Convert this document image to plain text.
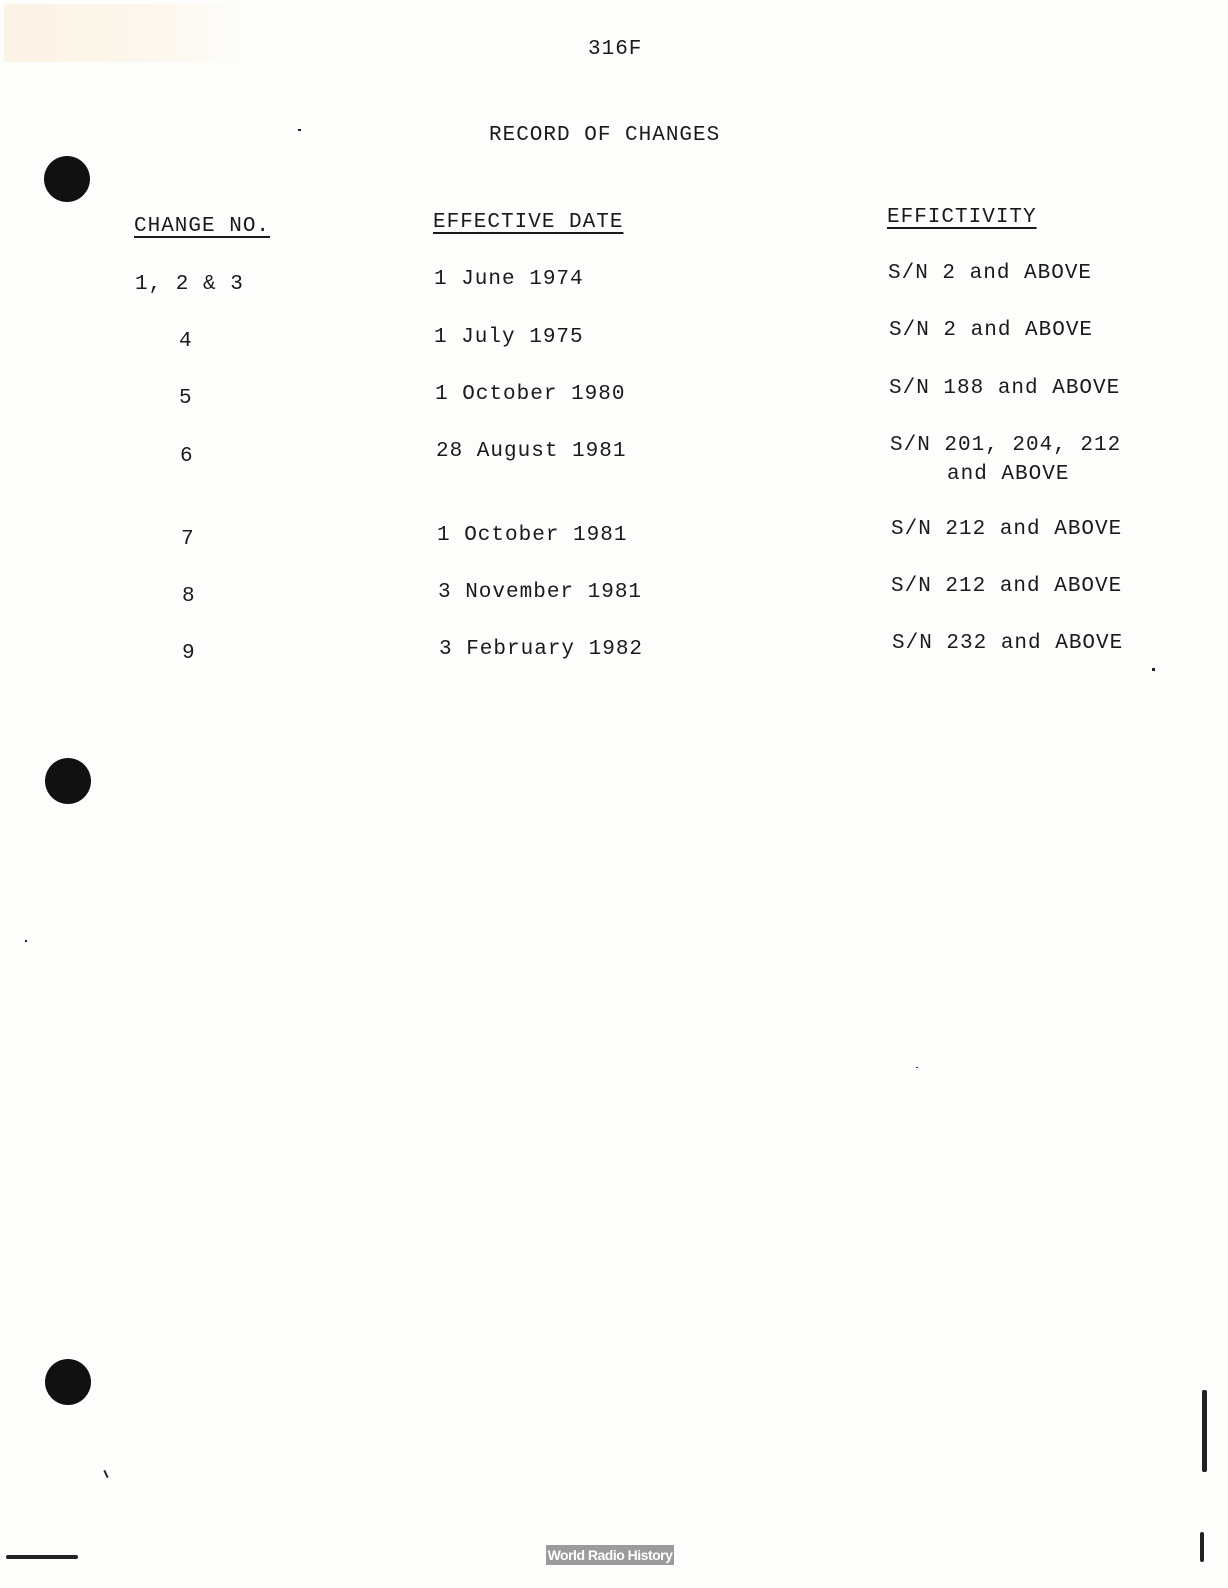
316F
RECORD OF CHANGES
CHANGE NO.	EFFECTIVE DATE	EFFICTIVITY
1, 2 & 3	1 June 1974	S/N 2 and ABOVE
4	1 July 1975	S/N 2 and ABOVE
5	1 October 1980	S/N 188 and ABOVE
6	28 August 1981	S/N 201, 204, 212
and ABOVE
7	1 October 1981	S/N 212 and ABOVE
8	3 November 1981	S/N 212 and ABOVE
9	3 February 1982	S/N 232 and ABOVE
World Radio History
